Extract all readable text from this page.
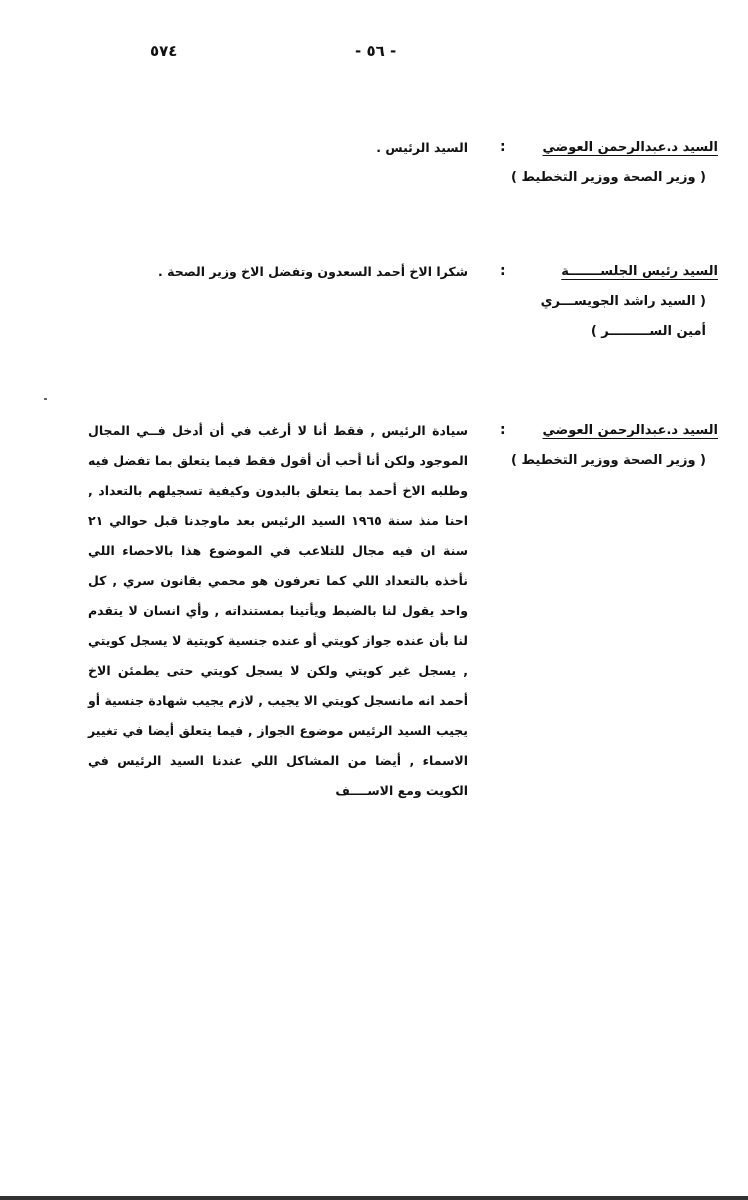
٥٧٤	- ٥٦ -
السيد د.عبدالرحمن العوضي
( وزير الصحة ووزير التخطيط )
:
السيد الرئيس .
السيد رئيس الجلســـــــة
( السيد راشد الجويســـري
أمين الســـــــــر )
:
شكرا الاخ أحمد السعدون وتفضل الاخ وزير الصحة .
السيد د.عبدالرحمن العوضي
( وزير الصحة ووزير التخطيط )
:
سيادة الرئيس , فقط أنا لا أرغب في أن أدخل فــي المجال الموجود ولكن أنا أحب أن أقول فقط فيما يتعلق بما تفضل فيه وطلبه الاخ أحمد بما يتعلق بالبدون وكيفية تسجيلهم بالتعداد , احنا منذ سنة ١٩٦٥ السيد الرئيس بعد ماوجدنا قبل حوالي ٢١ سنة ان فيه مجال للتلاعب في الموضوع هذا بالاحصاء اللي نأخذه بالتعداد اللي كما تعرفون هو محمي بقانون سري , كل واحد يقول لنا بالضبط ويأتينا بمستنداته , وأي انسان لا يتقدم لنا بأن عنده جواز كويتي أو عنده جنسية كويتية لا يسجل كويتي , يسجل غير كويتي ولكن لا يسجل كويتي حتى يطمئن الاخ أحمد انه مانسجل كويتي الا يجيب , لازم يجيب شهادة جنسية أو يجيب السيد الرئيس موضوع الجواز , فيما يتعلق أيضا في تغيير الاسماء , أيضا من المشاكل اللي عندنا السيد الرئيس في الكويت ومع الاســــف
